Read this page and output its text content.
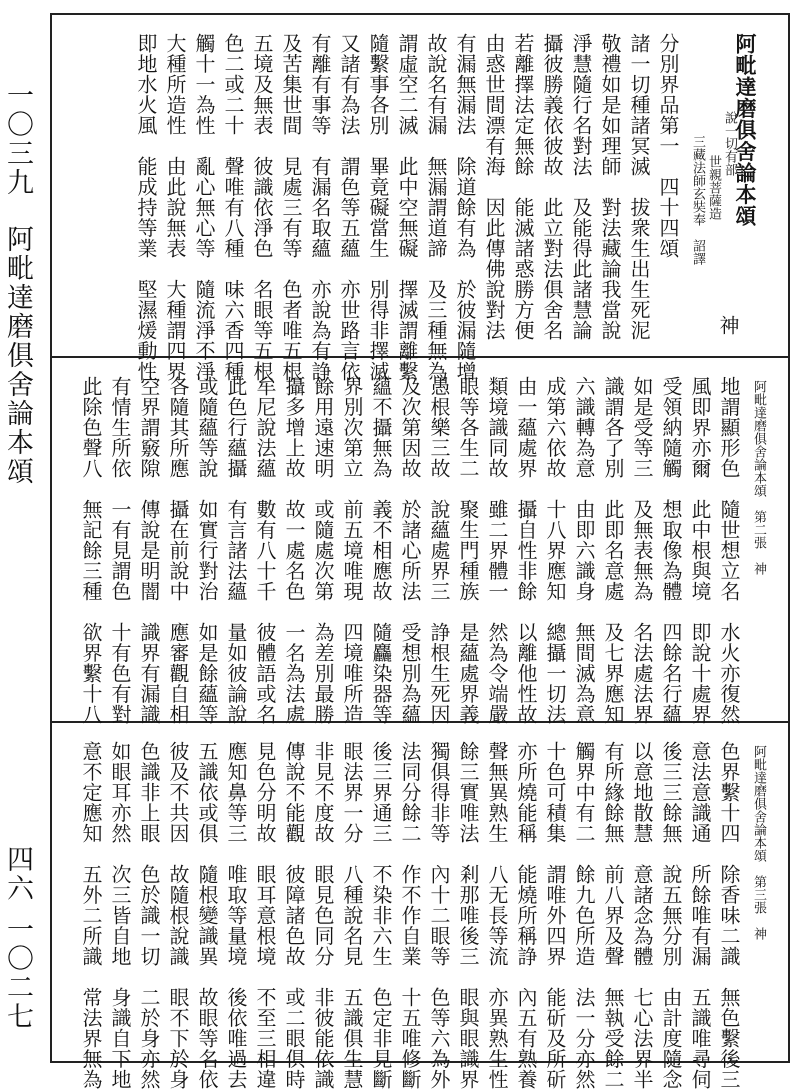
一〇三九
阿毗達磨俱舍論本頌
四六
一〇二七
阿毗達磨俱舍論本頌
說一切有部
世親菩薩造
三藏法師玄奘奉　詔譯
分別界品第一　四十四頌
諸一切種諸冥滅　拔衆生出生死泥
敬禮如是如理師　對法藏論我當說
淨慧隨行名對法　及能得此諸慧論
攝彼勝義依彼故　此立對法俱舍名
若離擇法定無餘　能滅諸惑勝方便
由惑世間漂有海　因此傳佛說對法
有漏無漏法　除道餘有為　於彼漏隨增
故說名有漏　無漏謂道諦　及三種無為
謂虛空二滅　此中空無礙　擇滅謂離繫
隨繫事各別　畢竟礙當生　別得非擇滅
又諸有為法　謂色等五蘊　亦世路言依
有離有事等　有漏名取蘊　亦說為有諍
及苦集世間　見處三有等　色者唯五根
五境及無表　彼識依淨色　名眼等五根
色二或二十　聲唯有八種　味六香四種
觸十一為性　亂心無心等　隨流淨不淨
大種所造性　由此說無表　大種謂四界
即地水火風　能成持等業　堅濕煖動性	神
阿毗達磨俱舍論本頌　第二張　神
地謂顯形色　隨世想立名　水火亦復然
風即界亦爾　此中根與境　即說十處界
受領納隨觸　想取像為體　四餘名行蘊
如是受等三　及無表無為　名法處法界
識謂各了別　此即名意處　及七界應知
六識轉為意　由即六識身　無間滅為意
成第六依故　十八界應知　總攝一切法
由一蘊處界　攝自性非餘　以離他性故
類境識同故　雖二界體一　然為令端嚴
眼等各生二　聚生門種族　是蘊處界義
愚根樂三故　說蘊處界三　諍根生死因
及次第因故　於諸心所法　受想別為蘊
蘊不攝無為　義不相應故　隨麤染器等
界別次第立　前五境唯現　四境唯所造
餘用遠速明　或隨處次第　為差別最勝
攝多增上故　故一處名色　一名為法處
牟尼說法蘊　數有八十千　彼體語或名
此色行蘊攝　有言諸法蘊　量如彼論說
或隨蘊等說　如實行對治　如是餘蘊等
各隨其所應　攝在前說中　應審觀自相
空界謂竅隙　傳說是明闇　識界有漏識
有情生所依　一有見謂色　十有色有對
此除色聲八　無記餘三種　欲界繫十八
阿毗達磨俱舍論本頌　第三張　神
色界繫十四　除香味二識　無色繫後三
意法意識通　所餘唯有漏　五識唯尋伺
後三三餘無　說五無分別　由計度隨念
以意地散慧　意諸念為體　七心法界半
有所緣餘無　前八界及聲　無執受餘二
觸界中有二　餘九色所造　法一分亦然
十色可積集　謂唯外四界　能斫及所斫
亦所燒能稱　能燒所稱諍　內五有熟養
聲無異熟生　八无長等流　亦異熟生性
餘三實唯法　剎那唯後三　眼與眼識界
獨俱得非等　內十二眼等　色等六為外
法同分餘二　作不作自業　十五唯修斷
後三界通三　不染非六生　色定非見斷
眼法界一分　八種說名見　五識俱生慧
非見不度故　眼見色同分　非彼能依識
傳說不能觀　彼障諸色故　或二眼俱時
見色分明故　眼耳意根境　不至三相違
應知鼻等三　唯取等量境　後依唯過去
五識依或俱　隨根變識異　故眼等名依
彼及不共因　故隨根說識　眼不下於身
色識非上眼　色於識一切　二於身亦然
如眼耳亦然　次三皆自地　身識自下地
意不定應知　五外二所識　常法界無為
